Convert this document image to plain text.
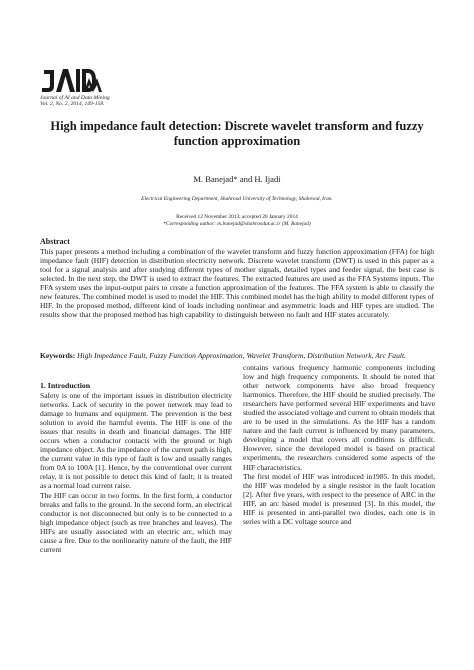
Journal of AI and Data Mining
Vol. 2, No. 2, 2014, 149-158.
High impedance fault detection: Discrete wavelet transform and fuzzy function approximation
M. Banejad* and H. Ijadi
Electrical Engineering Department, Shahrood University of Technology, Shahrood, Iran.
Received 12 November 2013; accepted 20 January 2014
*Corresponding author: m.banejad@shahroodut.ac.ir (M. Banejad)
Abstract

This paper presents a method including a combination of the wavelet transform and fuzzy function approximation (FFA) for high impedance fault (HIF) detection in distribution electricity network. Discrete wavelet transform (DWT) is used in this paper as a tool for a signal analysis and after studying different types of mother signals, detailed types and feeder signal, the best case is selected. In the next step, the DWT is used to extract the features. The extracted features are used as the FFA Systems inputs. The FFA system uses the input-output pairs to create a function approximation of the features. The FFA system is able to classify the new features. The combined model is used to model the HIF. This combined model has the high ability to model different types of HIF. In the proposed method, different kind of loads including nonlinear and asymmetric loads and HIF types are studied. The results show that the proposed method has high capability to distinguish between no fault and HIF states accurately.

Keywords: High Impedance Fault, Fuzzy Function Approximation, Wavelet Transform, Distribution Network, Arc Fault.

1. Introduction

Safety is one of the important issues in distribution electricity networks. Lack of security in the power network may lead to damage to humans and equipment. The prevention is the best solution to avoid the harmful events. The HIF is one of the issues that results in death and financial damages. The HIF occurs when a conductor contacts with the ground or high impedance object. As the impedance of the current path is high, the current value in this type of fault is low and usually ranges from 0A to 100A [1]. Hence, by the conventional over current relay, it is not possible to detect this kind of fault; it is treated as a normal load current raise.

The HIF can occur in two forms. In the first form, a conductor breaks and falls to the ground. In the second form, an electrical conductor is not disconnected but only is to be connected to a high impedance object (such as tree branches and leaves). The HIFs are usually associated with an electric arc, which may cause a fire. Due to the nonlinearity nature of the fault, the HIF current

contains various frequency harmonic components including low and high frequency components. It should be noted that other network components have also broad frequency harmonics. Therefore, the HIF should be studied precisely. The researchers have performed several HIF experiments and have studied the associated voltage and current to obtain models that are to be used in the simulations. As the HIF has a random nature and the fault current is influenced by many parameters, developing a model that covers all conditions is difficult. However, since the developed model is based on practical experiments, the researchers considered some aspects of the HIF characteristics.

The first model of HIF was introduced in1985. In this model, the HIF was modeled by a single resistor in the fault location [2]. After five years, with respect to the presence of ARC in the HIF, an arc based model is presented [3]. In this model, the HIF is presented in anti-parallel two diodes, each one is in series with a DC voltage source and
